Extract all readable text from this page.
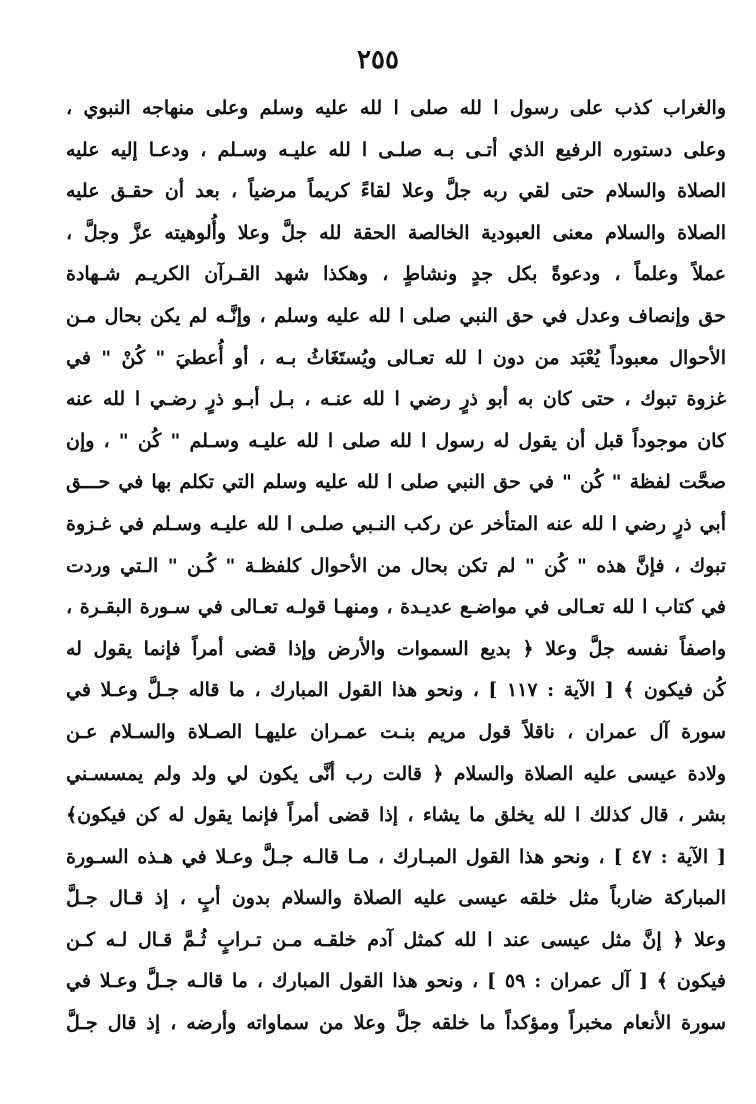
٢٥٥
والغراب كذب على رسول ا لله صلى ا لله عليه وسلم وعلى منهاجه النبوي ،
وعلى دستوره الرفيع الذي أتـى بـه صلـى ا لله عليـه وسـلم ، ودعـا إليه عليه
الصلاة والسلام حتى لقي ربه جلَّ وعلا لقاءً كريماً مرضياً ، بعد أن حقـق عليه
الصلاة والسلام معنى العبودية الخالصة الحقة لله جلَّ وعلا وأُلوهيته عزَّ وجلَّ ،
عملاً وعلماً ، ودعوةً بكل جدٍ ونشاطٍ ، وهكذا شهد القـرآن الكريـم شـهادة
حق وإنصاف وعدل في حق النبي صلى ا لله عليه وسلم ، وإنَّـه لم يكن بحال مـن
الأحوال معبوداً يُعْبَد من دون ا لله تعـالى ويُستَغَاثُ بـه ، أو أُعطيَ " كُنْ " في
غزوة تبوك ، حتى كان به أبو ذرٍ رضي ا لله عنـه ، بـل أبـو ذرٍ رضـي ا لله عنه
كان موجوداً قبل أن يقول له رسول ا لله صلى ا لله عليـه وسـلم " كُن " ، وإن
صحَّت لفظة " كُن " في حق النبي صلى ا لله عليه وسلم التي تكلم بها في حـــق
أبي ذرٍ رضي ا لله عنه المتأخر عن ركب النـبي صلـى ا لله عليـه وسـلم في غـزوة
تبوك ، فإنَّ هذه " كُن " لم تكن بحال من الأحوال كلفظـة " كُـن " الـتي وردت
في كتاب ا لله تعـالى في مواضـع عديـدة ، ومنهـا قولـه تعـالى في سـورة البقـرة ،
واصفاً نفسه جلَّ وعلا ﴿ بديع السموات والأرض وإذا قضى أمراً فإنما يقول له
كُن فيكون ﴾ [ الآية : ١١٧ ] ، ونحو هذا القول المبارك ، ما قاله جـلَّ وعـلا في
سورة آل عمران ، ناقلاً قول مريم بنـت عمـران عليهـا الصـلاة والسـلام عـن
ولادة عيسى عليه الصلاة والسلام ﴿ قالت رب أنَّى يكون لي ولد ولم يمسسـني
بشر ، قال كذلك ا لله يخلق ما يشاء ، إذا قضى أمراً فإنما يقول له كن فيكون﴾
[ الآية : ٤٧ ] ، ونحو هذا القول المبـارك ، مـا قالـه جـلَّ وعـلا في هـذه السـورة
المباركة ضارباً مثل خلقه عيسى عليه الصلاة والسلام بدون أبٍ ، إذ قـال جـلَّ
وعلا ﴿ إنَّ مثل عيسى عند ا لله كمثل آدم خلقـه مـن تـرابٍ ثُـمَّ قـال لـه كـن
فيكون ﴾ [ آل عمران : ٥٩ ] ، ونحو هذا القول المبارك ، ما قالـه جـلَّ وعـلا في
سورة الأنعام مخبراً ومؤكداً ما خلقه جلَّ وعلا من سماواته وأرضه ، إذ قال جـلَّ
